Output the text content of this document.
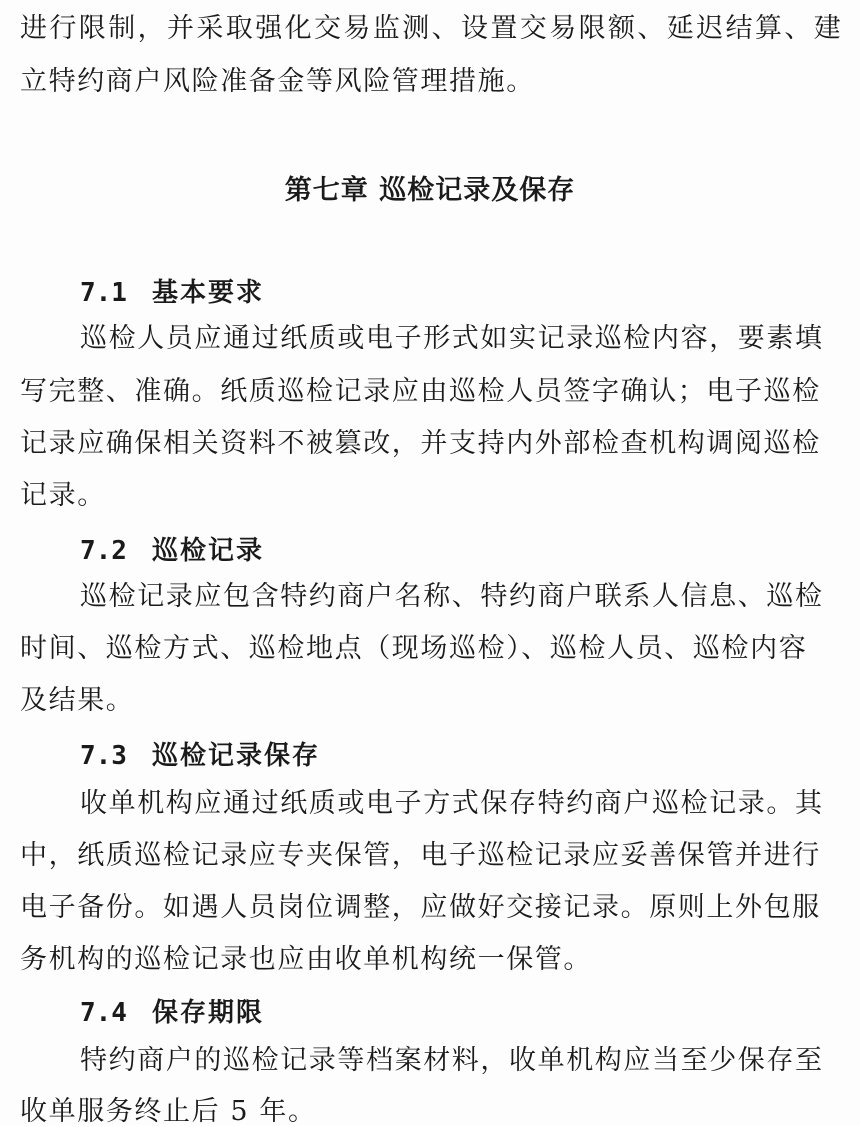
进行限制，并采取强化交易监测、设置交易限额、延迟结算、建
立特约商户风险准备金等风险管理措施。
第七章 巡检记录及保存
7.1 基本要求
巡检人员应通过纸质或电子形式如实记录巡检内容，要素填
写完整、准确。纸质巡检记录应由巡检人员签字确认；电子巡检
记录应确保相关资料不被篡改，并支持内外部检查机构调阅巡检
记录。
7.2 巡检记录
巡检记录应包含特约商户名称、特约商户联系人信息、巡检
时间、巡检方式、巡检地点（现场巡检）、巡检人员、巡检内容
及结果。
7.3 巡检记录保存
收单机构应通过纸质或电子方式保存特约商户巡检记录。其
中，纸质巡检记录应专夹保管，电子巡检记录应妥善保管并进行
电子备份。如遇人员岗位调整，应做好交接记录。原则上外包服
务机构的巡检记录也应由收单机构统一保管。
7.4 保存期限
特约商户的巡检记录等档案材料，收单机构应当至少保存至
收单服务终止后 5 年。
